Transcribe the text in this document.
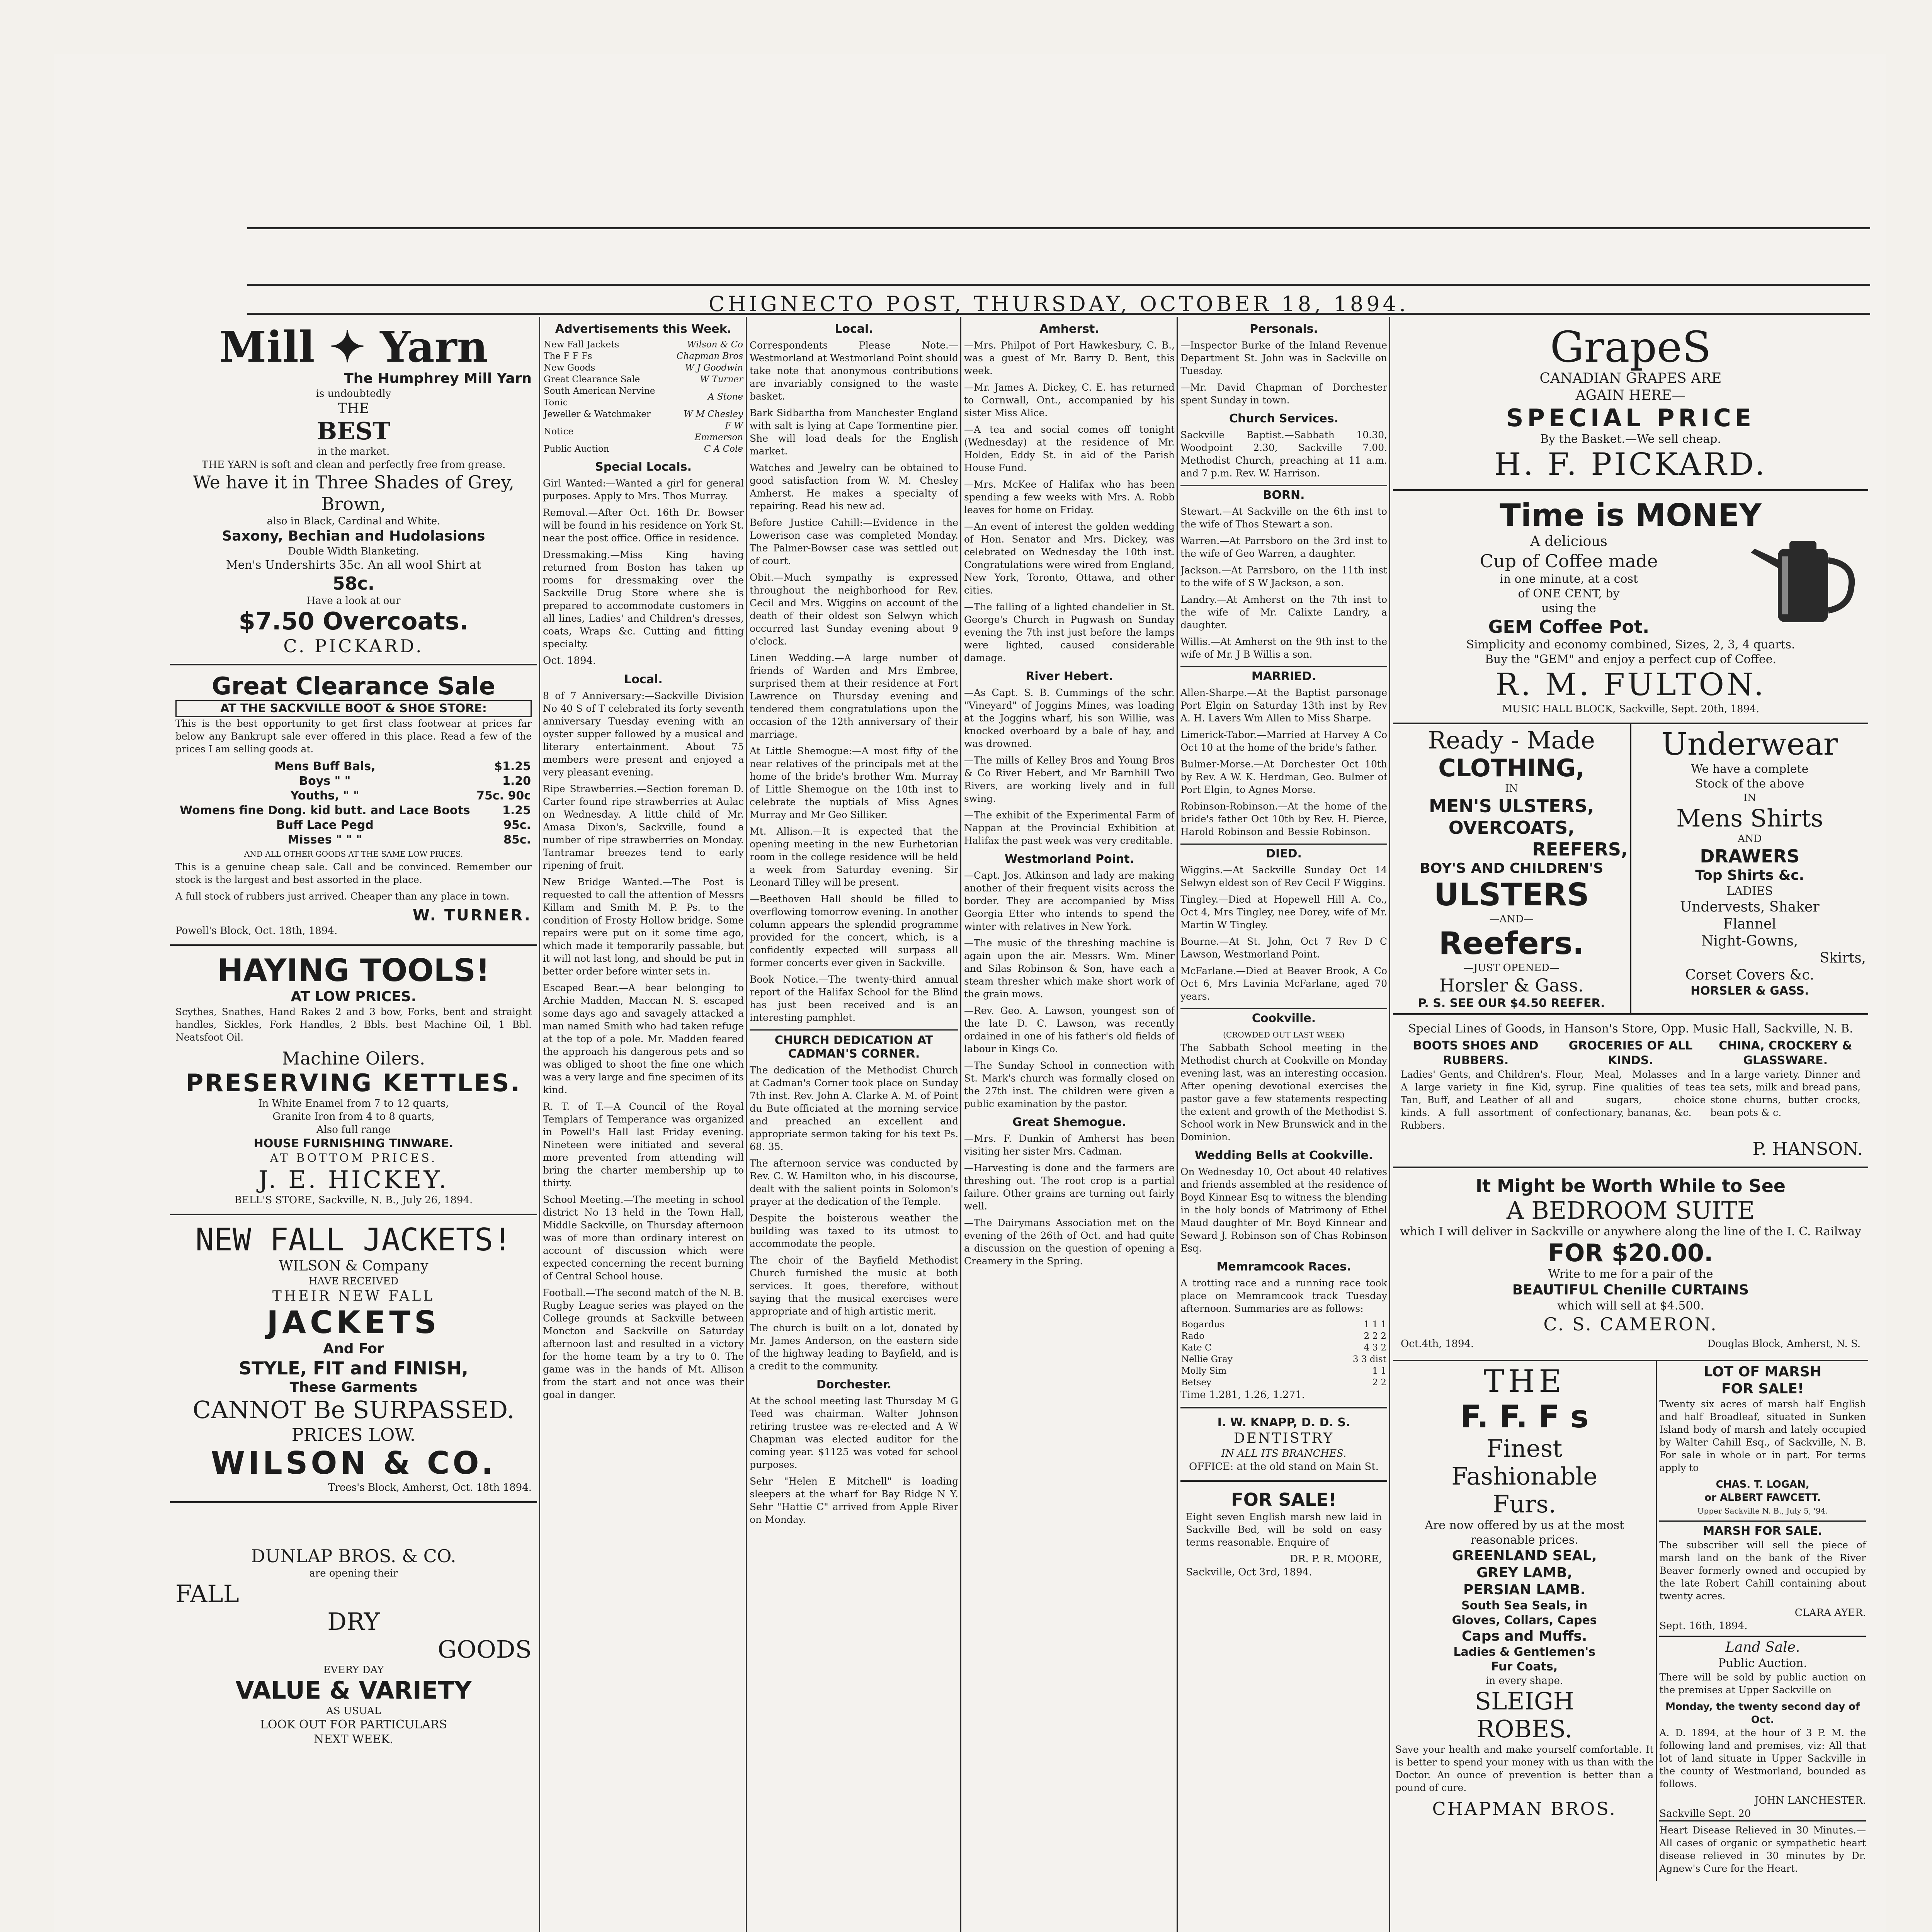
CHIGNECTO POST, THURSDAY, OCTOBER 18, 1894.
Mill ✦ Yarn
The Humphrey Mill Yarn
is undoubtedly
THE
BEST
in the market.
THE YARN is soft and clean and perfectly free from grease.
We have it in Three Shades of Grey, Brown,
also in Black, Cardinal and White.
Saxony, Bechian and Hudolasions
Double Width Blanketing.
Men's Undershirts 35c. An all wool Shirt at
58c.
Have a look at our
$7.50 Overcoats.
C. PICKARD.
Great Clearance Sale
AT THE SACKVILLE BOOT & SHOE STORE:

This is the best opportunity to get first class footwear at prices far below any Bankrupt sale ever offered in this place. Read a few of the prices I am selling goods at.

Mens Buff Bals,	$1.25
Boys " "	1.20
Youths, " "	75c. 90c
Womens fine Dong. kid butt. and Lace Boots	1.25
Buff Lace Pegd	95c.
Misses " " "	85c.
AND ALL OTHER GOODS AT THE SAME LOW PRICES.

This is a genuine cheap sale. Call and be convinced. Remember our stock is the largest and best assorted in the place.

A full stock of rubbers just arrived. Cheaper than any place in town.

W. TURNER.
Powell's Block, Oct. 18th, 1894.
HAYING TOOLS!
AT LOW PRICES.

Scythes, Snathes, Hand Rakes 2 and 3 bow, Forks, bent and straight handles, Sickles, Fork Handles, 2 Bbls. best Machine Oil, 1 Bbl. Neatsfoot Oil.

Machine Oilers.
PRESERVING KETTLES.
In White Enamel from 7 to 12 quarts,
Granite Iron from 4 to 8 quarts,
Also full range
HOUSE FURNISHING TINWARE.
AT BOTTOM PRICES.
J. E. HICKEY.
BELL'S STORE, Sackville, N. B., July 26, 1894.
NEW FALL JACKETS!
WILSON & Company
HAVE RECEIVED
THEIR NEW FALL
JACKETS
And For
STYLE, FIT and FINISH,
These Garments
CANNOT Be SURPASSED.
PRICES LOW.
WILSON & CO.
Trees's Block, Amherst, Oct. 18th 1894.
DUNLAP BROS. & CO.
are opening their
FALL
DRY
GOODS
EVERY DAY
VALUE & VARIETY
AS USUAL
LOOK OUT FOR PARTICULARS
NEXT WEEK.
Advertisements this Week.
New Fall Jackets	Wilson & Co
The F F Fs	Chapman Bros
New Goods	W J Goodwin
Great Clearance Sale	W Turner
South American Nervine Tonic	A Stone
Jeweller & Watchmaker	W M Chesley
Notice	F W Emmerson
Public Auction	C A Cole
Special Locals.

Girl Wanted:—Wanted a girl for general purposes. Apply to Mrs. Thos Murray.

Removal.—After Oct. 16th Dr. Bowser will be found in his residence on York St. near the post office. Office in residence.

Dressmaking.—Miss King having returned from Boston has taken up rooms for dressmaking over the Sackville Drug Store where she is prepared to accommodate customers in all lines, Ladies' and Children's dresses, coats, Wraps &c. Cutting and fitting specialty.

Oct. 1894.
Local.

8 of 7 Anniversary:—Sackville Division No 40 S of T celebrated its forty seventh anniversary Tuesday evening with an oyster supper followed by a musical and literary entertainment. About 75 members were present and enjoyed a very pleasant evening.

Ripe Strawberries.—Section foreman D. Carter found ripe strawberries at Aulac on Wednesday. A little child of Mr. Amasa Dixon's, Sackville, found a number of ripe strawberries on Monday. Tantramar breezes tend to early ripening of fruit.

New Bridge Wanted.—The Post is requested to call the attention of Messrs Killam and Smith M. P. Ps. to the condition of Frosty Hollow bridge. Some repairs were put on it some time ago, which made it temporarily passable, but it will not last long, and should be put in better order before winter sets in.

Escaped Bear.—A bear belonging to Archie Madden, Maccan N. S. escaped some days ago and savagely attacked a man named Smith who had taken refuge at the top of a pole. Mr. Madden feared the approach his dangerous pets and so was obliged to shoot the fine one which was a very large and fine specimen of its kind.

R. T. of T.—A Council of the Royal Templars of Temperance was organized in Powell's Hall last Friday evening. Nineteen were initiated and several more prevented from attending will bring the charter membership up to thirty.

School Meeting.—The meeting in school district No 13 held in the Town Hall, Middle Sackville, on Thursday afternoon was of more than ordinary interest on account of discussion which were expected concerning the recent burning of Central School house.

Football.—The second match of the N. B. Rugby League series was played on the College grounds at Sackville between Moncton and Sackville on Saturday afternoon last and resulted in a victory for the home team by a try to 0. The game was in the hands of Mt. Allison from the start and not once was their goal in danger.

Local.

Correspondents Please Note.—Westmorland at Westmorland Point should take note that anonymous contributions are invariably consigned to the waste basket.

Bark Sidbartha from Manchester England with salt is lying at Cape Tormentine pier. She will load deals for the English market.

Watches and Jewelry can be obtained to good satisfaction from W. M. Chesley Amherst. He makes a specialty of repairing. Read his new ad.

Before Justice Cahill:—Evidence in the Lowerison case was completed Monday. The Palmer-Bowser case was settled out of court.

Obit.—Much sympathy is expressed throughout the neighborhood for Rev. Cecil and Mrs. Wiggins on account of the death of their oldest son Selwyn which occurred last Sunday evening about 9 o'clock.

Linen Wedding.—A large number of friends of Warden and Mrs Embree, surprised them at their residence at Fort Lawrence on Thursday evening and tendered them congratulations upon the occasion of the 12th anniversary of their marriage.

At Little Shemogue:—A most fifty of the near relatives of the principals met at the home of the bride's brother Wm. Murray of Little Shemogue on the 10th inst to celebrate the nuptials of Miss Agnes Murray and Mr Geo Silliker.

Mt. Allison.—It is expected that the opening meeting in the new Eurhetorian room in the college residence will be held a week from Saturday evening. Sir Leonard Tilley will be present.

—Beethoven Hall should be filled to overflowing tomorrow evening. In another column appears the splendid programme provided for the concert, which, is a confidently expected will surpass all former concerts ever given in Sackville.

Book Notice.—The twenty-third annual report of the Halifax School for the Blind has just been received and is an interesting pamphlet.

CHURCH DEDICATION AT CADMAN'S CORNER.

The dedication of the Methodist Church at Cadman's Corner took place on Sunday 7th inst. Rev. John A. Clarke A. M. of Point du Bute officiated at the morning service and preached an excellent and appropriate sermon taking for his text Ps. 68. 35.

The afternoon service was conducted by Rev. C. W. Hamilton who, in his discourse, dealt with the salient points in Solomon's prayer at the dedication of the Temple.

Despite the boisterous weather the building was taxed to its utmost to accommodate the people.

The choir of the Bayfield Methodist Church furnished the music at both services. It goes, therefore, without saying that the musical exercises were appropriate and of high artistic merit.

The church is built on a lot, donated by Mr. James Anderson, on the eastern side of the highway leading to Bayfield, and is a credit to the community.

Dorchester.

At the school meeting last Thursday M G Teed was chairman. Walter Johnson retiring trustee was re-elected and A W Chapman was elected auditor for the coming year. $1125 was voted for school purposes.

Sehr "Helen E Mitchell" is loading sleepers at the wharf for Bay Ridge N Y. Sehr "Hattie C" arrived from Apple River on Monday.

Amherst.

—Mrs. Philpot of Port Hawkesbury, C. B., was a guest of Mr. Barry D. Bent, this week.

—Mr. James A. Dickey, C. E. has returned to Cornwall, Ont., accompanied by his sister Miss Alice.

—A tea and social comes off tonight (Wednesday) at the residence of Mr. Holden, Eddy St. in aid of the Parish House Fund.

—Mrs. McKee of Halifax who has been spending a few weeks with Mrs. A. Robb leaves for home on Friday.

—An event of interest the golden wedding of Hon. Senator and Mrs. Dickey, was celebrated on Wednesday the 10th inst. Congratulations were wired from England, New York, Toronto, Ottawa, and other cities.

—The falling of a lighted chandelier in St. George's Church in Pugwash on Sunday evening the 7th inst just before the lamps were lighted, caused considerable damage.

River Hebert.

—As Capt. S. B. Cummings of the schr. "Vineyard" of Joggins Mines, was loading at the Joggins wharf, his son Willie, was knocked overboard by a bale of hay, and was drowned.

—The mills of Kelley Bros and Young Bros & Co River Hebert, and Mr Barnhill Two Rivers, are working lively and in full swing.

—The exhibit of the Experimental Farm of Nappan at the Provincial Exhibition at Halifax the past week was very creditable.

Westmorland Point.

—Capt. Jos. Atkinson and lady are making another of their frequent visits across the border. They are accompanied by Miss Georgia Etter who intends to spend the winter with relatives in New York.

—The music of the threshing machine is again upon the air. Messrs. Wm. Miner and Silas Robinson & Son, have each a steam thresher which make short work of the grain mows.

—Rev. Geo. A. Lawson, youngest son of the late D. C. Lawson, was recently ordained in one of his father's old fields of labour in Kings Co.

—The Sunday School in connection with St. Mark's church was formally closed on the 27th inst. The children were given a public examination by the pastor.

Great Shemogue.

—Mrs. F. Dunkin of Amherst has been visiting her sister Mrs. Cadman.

—Harvesting is done and the farmers are threshing out. The root crop is a partial failure. Other grains are turning out fairly well.

—The Dairymans Association met on the evening of the 26th of Oct. and had quite a discussion on the question of opening a Creamery in the Spring.

Personals.

—Inspector Burke of the Inland Revenue Department St. John was in Sackville on Tuesday.

—Mr. David Chapman of Dorchester spent Sunday in town.

Church Services.

Sackville Baptist.—Sabbath 10.30, Woodpoint 2.30, Sackville 7.00. Methodist Church, preaching at 11 a.m. and 7 p.m. Rev. W. Harrison.

BORN.

Stewart.—At Sackville on the 6th inst to the wife of Thos Stewart a son.

Warren.—At Parrsboro on the 3rd inst to the wife of Geo Warren, a daughter.

Jackson.—At Parrsboro, on the 11th inst to the wife of S W Jackson, a son.

Landry.—At Amherst on the 7th inst to the wife of Mr. Calixte Landry, a daughter.

Willis.—At Amherst on the 9th inst to the wife of Mr. J B Willis a son.

MARRIED.

Allen-Sharpe.—At the Baptist parsonage Port Elgin on Saturday 13th inst by Rev A. H. Lavers Wm Allen to Miss Sharpe.

Limerick-Tabor.—Married at Harvey A Co Oct 10 at the home of the bride's father.

Bulmer-Morse.—At Dorchester Oct 10th by Rev. A W. K. Herdman, Geo. Bulmer of Port Elgin, to Agnes Morse.

Robinson-Robinson.—At the home of the bride's father Oct 10th by Rev. H. Pierce, Harold Robinson and Bessie Robinson.

DIED.

Wiggins.—At Sackville Sunday Oct 14 Selwyn eldest son of Rev Cecil F Wiggins.

Tingley.—Died at Hopewell Hill A. Co., Oct 4, Mrs Tingley, nee Dorey, wife of Mr. Martin W Tingley.

Bourne.—At St. John, Oct 7 Rev D C Lawson, Westmorland Point.

McFarlane.—Died at Beaver Brook, A Co Oct 6, Mrs Lavinia McFarlane, aged 70 years.

Cookville.
(CROWDED OUT LAST WEEK)

The Sabbath School meeting in the Methodist church at Cookville on Monday evening last, was an interesting occasion. After opening devotional exercises the pastor gave a few statements respecting the extent and growth of the Methodist S. School work in New Brunswick and in the Dominion.

Wedding Bells at Cookville.

On Wednesday 10, Oct about 40 relatives and friends assembled at the residence of Boyd Kinnear Esq to witness the blending in the holy bonds of Matrimony of Ethel Maud daughter of Mr. Boyd Kinnear and Seward J. Robinson son of Chas Robinson Esq.

Memramcook Races.

A trotting race and a running race took place on Memramcook track Tuesday afternoon. Summaries are as follows:

Bogardus	1 1 1
Rado	2 2 2
Kate C	4 3 2
Nellie Gray	3 3 dist
Molly Sim	1 1
Betsey	2 2
Time 1.281, 1.26, 1.271.
I. W. KNAPP, D. D. S.
DENTISTRY
IN ALL ITS BRANCHES.
OFFICE: at the old stand on Main St.
FOR SALE!

Eight seven English marsh new laid in Sackville Bed, will be sold on easy terms reasonable. Enquire of

DR. P. R. MOORE,
Sackville, Oct 3rd, 1894.
GrapeS
CANADIAN GRAPES ARE
AGAIN HERE—
SPECIAL PRICE
By the Basket.—We sell cheap.
H. F. PICKARD.
Time is MONEY
A delicious
Cup of Coffee made
in one minute, at a cost
of ONE CENT, by
using the
GEM Coffee Pot.
Simplicity and economy combined, Sizes, 2, 3, 4 quarts.
Buy the "GEM" and enjoy a perfect cup of Coffee.
R. M. FULTON.
MUSIC HALL BLOCK, Sackville, Sept. 20th, 1894.
Ready - Made
CLOTHING,
IN
MEN'S ULSTERS,
OVERCOATS,
REEFERS,
BOY'S AND CHILDREN'S
ULSTERS
—AND—
Reefers.
—JUST OPENED—
Horsler & Gass.
P. S. SEE OUR $4.50 REEFER.
Underwear
We have a complete
Stock of the above
IN
Mens Shirts
AND
DRAWERS
Top Shirts &c.
LADIES
Undervests, Shaker
Flannel
Night-Gowns,
Skirts,
Corset Covers &c.
HORSLER & GASS.
Special Lines of Goods, in Hanson's Store, Opp. Music Hall, Sackville, N. B.
BOOTS SHOES AND RUBBERS.

Ladies' Gents, and Children's. A large variety in fine Kid, Tan, Buff, and Leather of all kinds. A full assortment of Rubbers.

GROCERIES OF ALL KINDS.

Flour, Meal, Molasses and syrup. Fine qualities of teas and sugars, choice confectionary, bananas, &c.

CHINA, CROCKERY & GLASSWARE.

In a large variety. Dinner and tea sets, milk and bread pans, stone churns, butter crocks, bean pots & c.

P. HANSON.
It Might be Worth While to See
A BEDROOM SUITE
which I will deliver in Sackville or anywhere along the line of the I. C. Railway
FOR $20.00.
Write to me for a pair of the
BEAUTIFUL Chenille CURTAINS
which will sell at $4.500.
C. S. CAMERON.
Oct.4th, 1894.	Douglas Block, Amherst, N. S.
THE
F. F. F s
Finest
Fashionable
Furs.
Are now offered by us at the most reasonable prices.
GREENLAND SEAL,
GREY LAMB,
PERSIAN LAMB.
South Sea Seals, in
Gloves, Collars, Capes
Caps and Muffs.
Ladies & Gentlemen's
Fur Coats,
in every shape.
SLEIGH
ROBES.

Save your health and make yourself comfortable. It is better to spend your money with us than with the Doctor. An ounce of prevention is better than a pound of cure.

CHAPMAN BROS.
LOT OF MARSH
FOR SALE!

Twenty six acres of marsh half English and half Broadleaf, situated in Sunken Island body of marsh and lately occupied by Walter Cahill Esq., of Sackville, N. B. For sale in whole or in part. For terms apply to

CHAS. T. LOGAN,
or ALBERT FAWCETT.
Upper Sackville N. B., July 5, '94.
MARSH FOR SALE.

The subscriber will sell the piece of marsh land on the bank of the River Beaver formerly owned and occupied by the late Robert Cahill containing about twenty acres.

CLARA AYER.
Sept. 16th, 1894.
Land Sale.
Public Auction.

There will be sold by public auction on the premises at Upper Sackville on

Monday, the twenty second day of Oct.

A. D. 1894, at the hour of 3 P. M. the following land and premises, viz: All that lot of land situate in Upper Sackville in the county of Westmorland, bounded as follows.

JOHN LANCHESTER.
Sackville Sept. 20

Heart Disease Relieved in 30 Minutes.—All cases of organic or sympathetic heart disease relieved in 30 minutes by Dr. Agnew's Cure for the Heart.
